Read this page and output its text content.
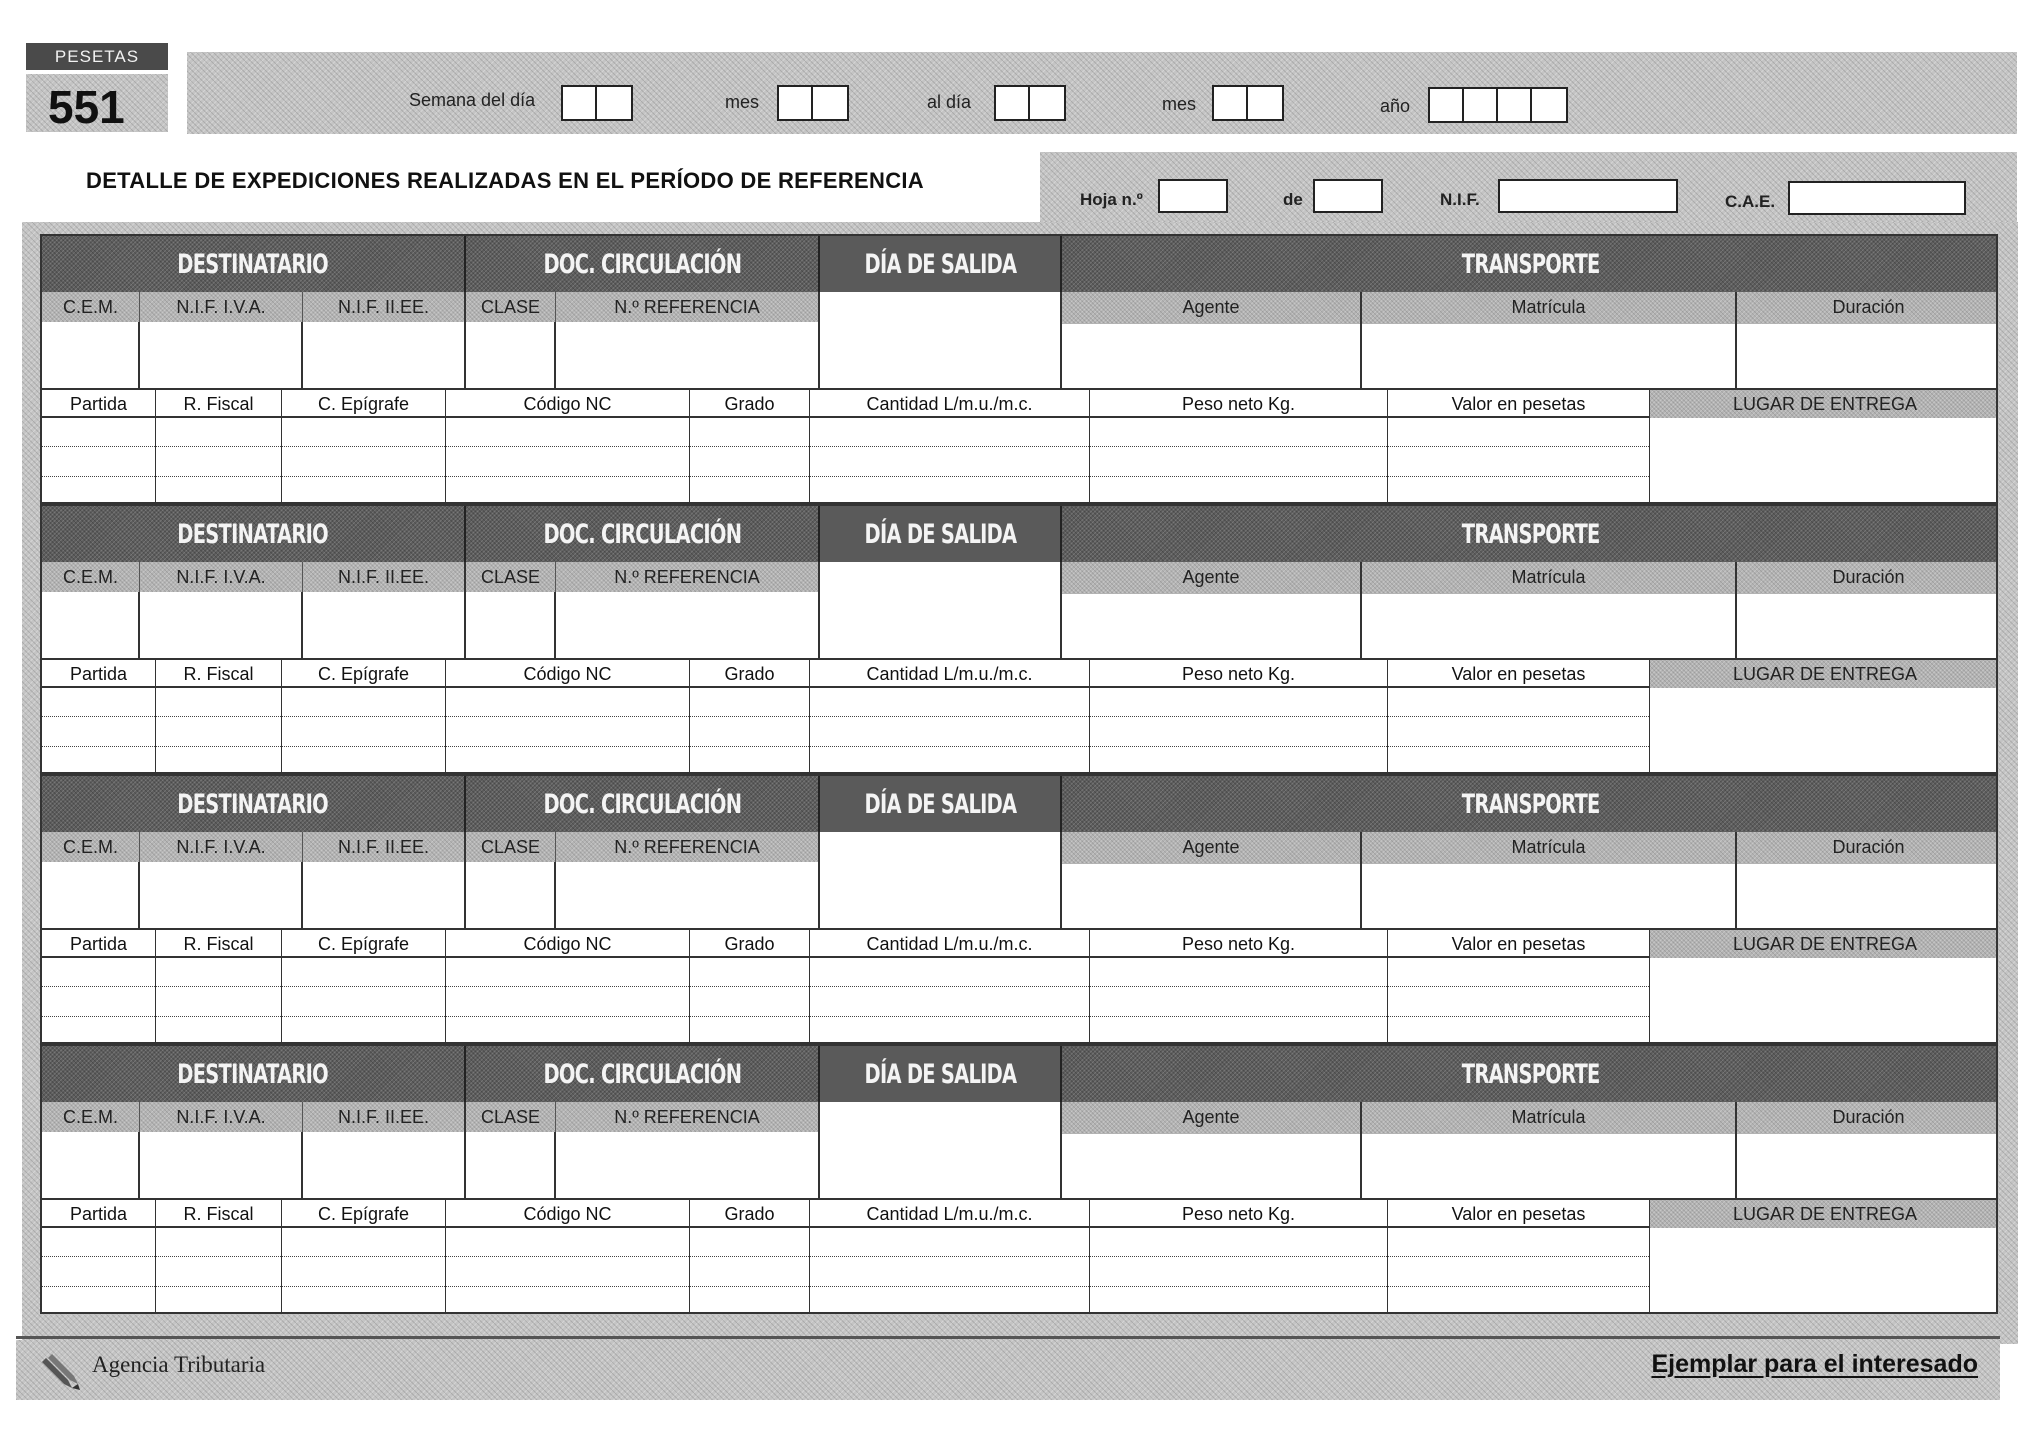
PESETAS
551	Semana del día	mes	al día	mes	año
DETALLE DE EXPEDICIONES REALIZADAS EN EL PERÍODO DE REFERENCIA
Hoja n.º	de	N.I.F.	C.A.E.
DESTINATARIO	DOC. CIRCULACIÓN	DÍA DE SALIDA	TRANSPORTE
C.E.M.	N.I.F. I.V.A.	N.I.F. II.EE.	CLASE	N.º REFERENCIA	Agente	Matrícula	Duración
Partida	R. Fiscal	C. Epígrafe	Código NC	Grado	Cantidad L/m.u./m.c.	Peso neto Kg.	Valor en pesetas	LUGAR DE ENTREGA
DESTINATARIO	DOC. CIRCULACIÓN	DÍA DE SALIDA	TRANSPORTE
C.E.M.	N.I.F. I.V.A.	N.I.F. II.EE.	CLASE	N.º REFERENCIA	Agente	Matrícula	Duración
Partida	R. Fiscal	C. Epígrafe	Código NC	Grado	Cantidad L/m.u./m.c.	Peso neto Kg.	Valor en pesetas	LUGAR DE ENTREGA
DESTINATARIO	DOC. CIRCULACIÓN	DÍA DE SALIDA	TRANSPORTE
C.E.M.	N.I.F. I.V.A.	N.I.F. II.EE.	CLASE	N.º REFERENCIA	Agente	Matrícula	Duración
Partida	R. Fiscal	C. Epígrafe	Código NC	Grado	Cantidad L/m.u./m.c.	Peso neto Kg.	Valor en pesetas	LUGAR DE ENTREGA
DESTINATARIO	DOC. CIRCULACIÓN	DÍA DE SALIDA	TRANSPORTE
C.E.M.	N.I.F. I.V.A.	N.I.F. II.EE.	CLASE	N.º REFERENCIA	Agente	Matrícula	Duración
Partida	R. Fiscal	C. Epígrafe	Código NC	Grado	Cantidad L/m.u./m.c.	Peso neto Kg.	Valor en pesetas	LUGAR DE ENTREGA
Agencia Tributaria	Ejemplar para el interesado
